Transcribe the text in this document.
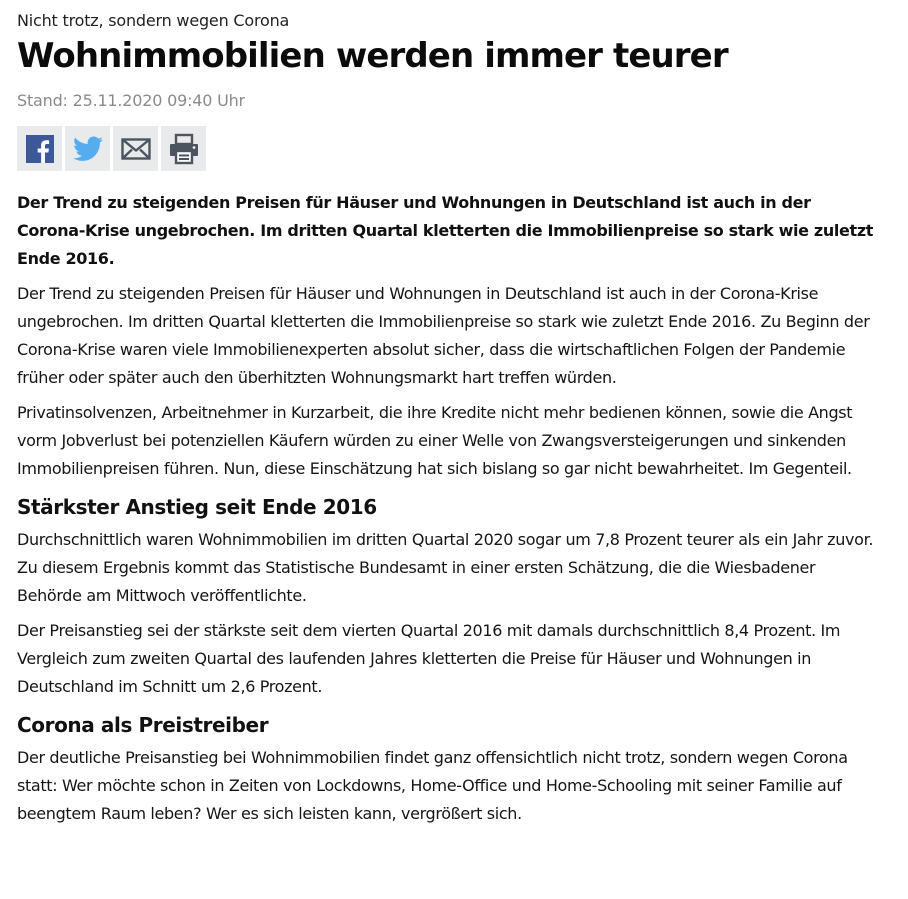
Nicht trotz, sondern wegen Corona

Wohnimmobilien werden immer teurer

Stand: 25.11.2020 09:40 Uhr

Der Trend zu steigenden Preisen für Häuser und Wohnungen in Deutschland ist auch in der Corona-Krise ungebrochen. Im dritten Quartal kletterten die Immobilienpreise so stark wie zuletzt Ende 2016.

Der Trend zu steigenden Preisen für Häuser und Wohnungen in Deutschland ist auch in der Corona-Krise ungebrochen. Im dritten Quartal kletterten die Immobilienpreise so stark wie zuletzt Ende 2016. Zu Beginn der Corona-Krise waren viele Immobilienexperten absolut sicher, dass die wirtschaftlichen Folgen der Pandemie früher oder später auch den überhitzten Wohnungsmarkt hart treffen würden.

Privatinsolvenzen, Arbeitnehmer in Kurzarbeit, die ihre Kredite nicht mehr bedienen können, sowie die Angst vorm Jobverlust bei potenziellen Käufern würden zu einer Welle von Zwangsversteigerungen und sinkenden Immobilienpreisen führen. Nun, diese Einschätzung hat sich bislang so gar nicht bewahrheitet. Im Gegenteil.

Stärkster Anstieg seit Ende 2016

Durchschnittlich waren Wohnimmobilien im dritten Quartal 2020 sogar um 7,8 Prozent teurer als ein Jahr zuvor. Zu diesem Ergebnis kommt das Statistische Bundesamt in einer ersten Schätzung, die die Wiesbadener Behörde am Mittwoch veröffentlichte.

Der Preisanstieg sei der stärkste seit dem vierten Quartal 2016 mit damals durchschnittlich 8,4 Prozent. Im Vergleich zum zweiten Quartal des laufenden Jahres kletterten die Preise für Häuser und Wohnungen in Deutschland im Schnitt um 2,6 Prozent.

Corona als Preistreiber

Der deutliche Preisanstieg bei Wohnimmobilien findet ganz offensichtlich nicht trotz, sondern wegen Corona statt: Wer möchte schon in Zeiten von Lockdowns, Home-Office und Home-Schooling mit seiner Familie auf beengtem Raum leben? Wer es sich leisten kann, vergrößert sich.
